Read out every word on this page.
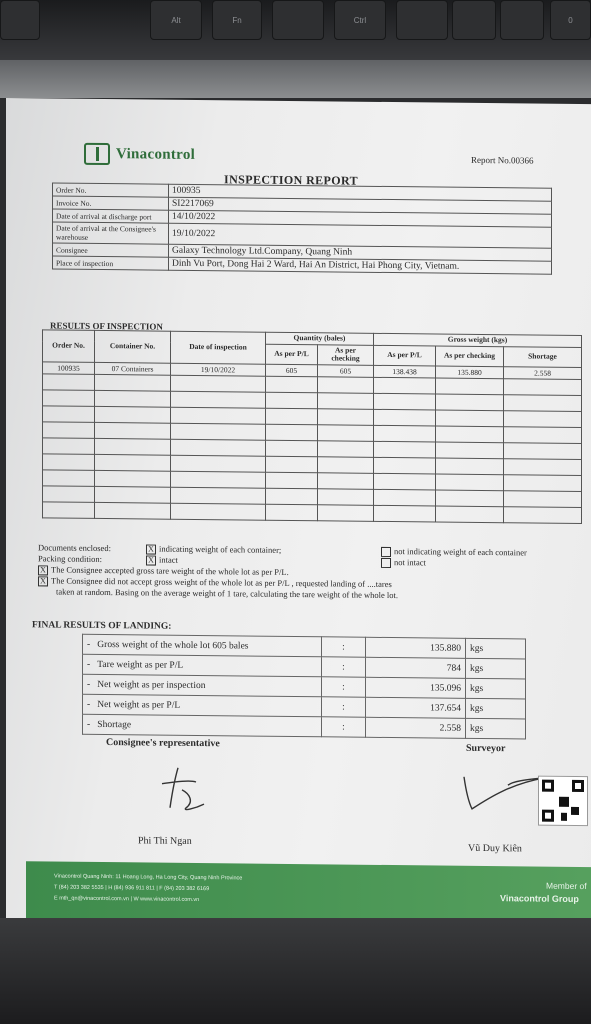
Alt	Fn	Ctrl	0
Vinacontrol	Report No.00366
INSPECTION REPORT
Order No.	100935
Invoice No.	SI2217069
Date of arrival at discharge port	14/10/2022
Date of arrival at the Consignee's warehouse	19/10/2022
Consignee	Galaxy Technology Ltd.Company, Quang Ninh
Place of inspection	Dinh Vu Port, Dong Hai 2 Ward, Hai An District, Hai Phong City, Vietnam.
RESULTS OF INSPECTION
Order No.	Container No.	Date of inspection	Quantity (bales)		Gross weight (kgs)		
			As per P/L	As per checking	As per P/L	As per checking	Shortage
100935	07 Containers	19/10/2022	605	605	138.438	135.880	2.558

Documents enclosed:	X indicating weight of each container;	not indicating weight of each container
Packing condition:	X intact	not intact
X The Consignee accepted gross tare weight of the whole lot as per P/L.
X The Consignee did not accept gross weight of the whole lot as per P/L , requested landing of ....tares
taken at random. Basing on the average weight of 1 tare, calculating the tare weight of the whole lot.
FINAL RESULTS OF LANDING:
- Gross weight of the whole lot 605 bales	:	135.880	kgs
- Tare weight as per P/L	:	784	kgs
- Net weight as per inspection	:	135.096	kgs
- Net weight as per P/L	:	137.654	kgs
- Shortage	:	2.558	kgs
Consignee's representative	Surveyor
Phi Thi Ngan
Vũ Duy Kiên
Vinacontrol Quang Ninh: 11 Hoang Long, Ha Long City, Quang Ninh Province
T (84) 203 382 5535 | H (84) 936 911 811 | F (84) 203 382 6169
E mth_qn@vinacontrol.com.vn | W www.vinacontrol.com.vn
Member of
Vinacontrol Group
